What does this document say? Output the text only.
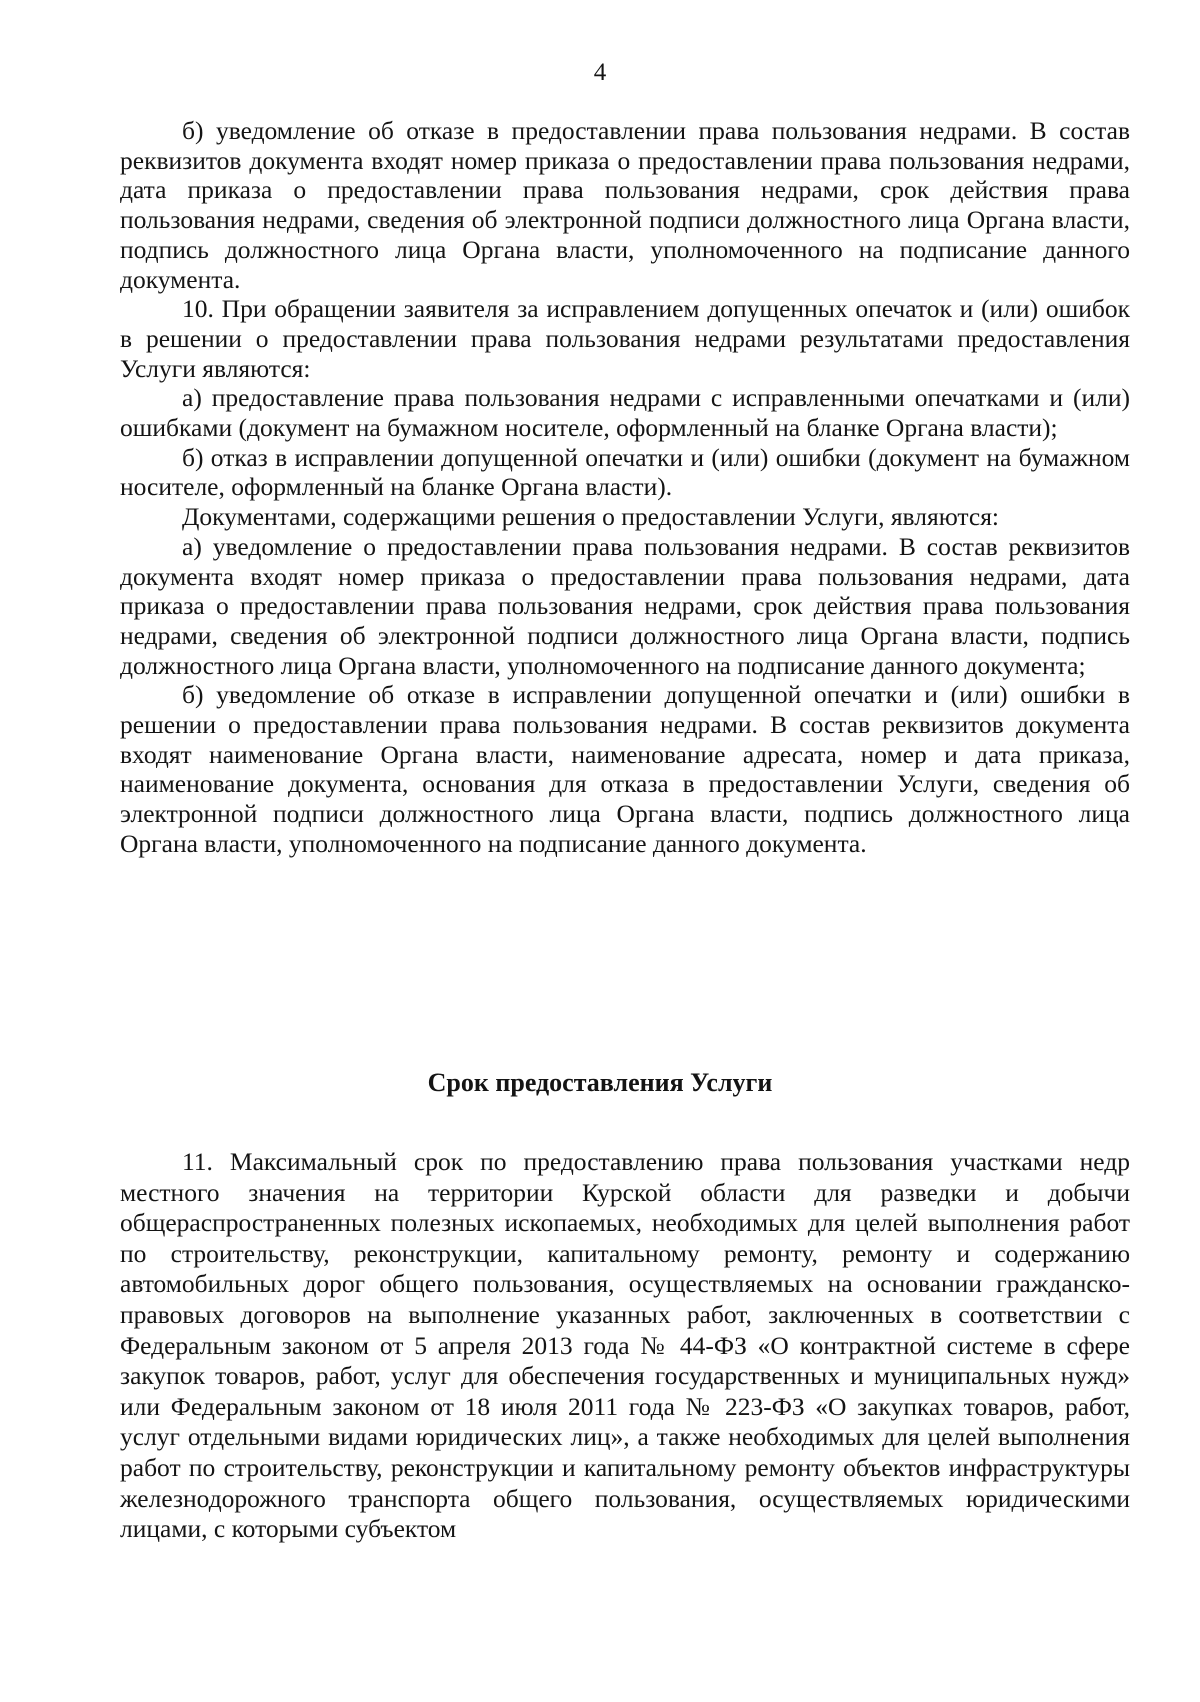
4

б) уведомление об отказе в предоставлении права пользования недрами. В состав реквизитов документа входят номер приказа о предоставлении права пользования недрами, дата приказа о предоставлении права пользования недрами, срок действия права пользования недрами, сведения об электронной подписи должностного лица Органа власти, подпись должностного лица Органа власти, уполномоченного на подписание данного документа.

10. При обращении заявителя за исправлением допущенных опечаток и (или) ошибок в решении о предоставлении права пользования недрами результатами предоставления Услуги являются:

а) предоставление права пользования недрами с исправленными опечатками и (или) ошибками (документ на бумажном носителе, оформленный на бланке Органа власти);

б) отказ в исправлении допущенной опечатки и (или) ошибки (документ на бумажном носителе, оформленный на бланке Органа власти).

Документами, содержащими решения о предоставлении Услуги, являются:

а) уведомление о предоставлении права пользования недрами. В состав реквизитов документа входят номер приказа о предоставлении права пользования недрами, дата приказа о предоставлении права пользования недрами, срок действия права пользования недрами, сведения об электронной подписи должностного лица Органа власти, подпись должностного лица Органа власти, уполномоченного на подписание данного документа;

б) уведомление об отказе в исправлении допущенной опечатки и (или) ошибки в решении о предоставлении права пользования недрами. В состав реквизитов документа входят наименование Органа власти, наименование адресата, номер и дата приказа, наименование документа, основания для отказа в предоставлении Услуги, сведения об электронной подписи должностного лица Органа власти, подпись должностного лица Органа власти, уполномоченного на подписание данного документа.

Срок предоставления Услуги

11. Максимальный срок по предоставлению права пользования участками недр местного значения на территории Курской области для разведки и добычи общераспространенных полезных ископаемых, необходимых для целей выполнения работ по строительству, реконструкции, капитальному ремонту, ремонту и содержанию автомобильных дорог общего пользования, осуществляемых на основании гражданско-правовых договоров на выполнение указанных работ, заключенных в соответствии с Федеральным законом от 5 апреля 2013 года № 44-ФЗ «О контрактной системе в сфере закупок товаров, работ, услуг для обеспечения государственных и муниципальных нужд» или Федеральным законом от 18 июля 2011 года № 223-ФЗ «О закупках товаров, работ, услуг отдельными видами юридических лиц», а также необходимых для целей выполнения работ по строительству, реконструкции и капитальному ремонту объектов инфраструктуры железнодорожного транспорта общего пользования, осуществляемых юридическими лицами, с которыми субъектом
